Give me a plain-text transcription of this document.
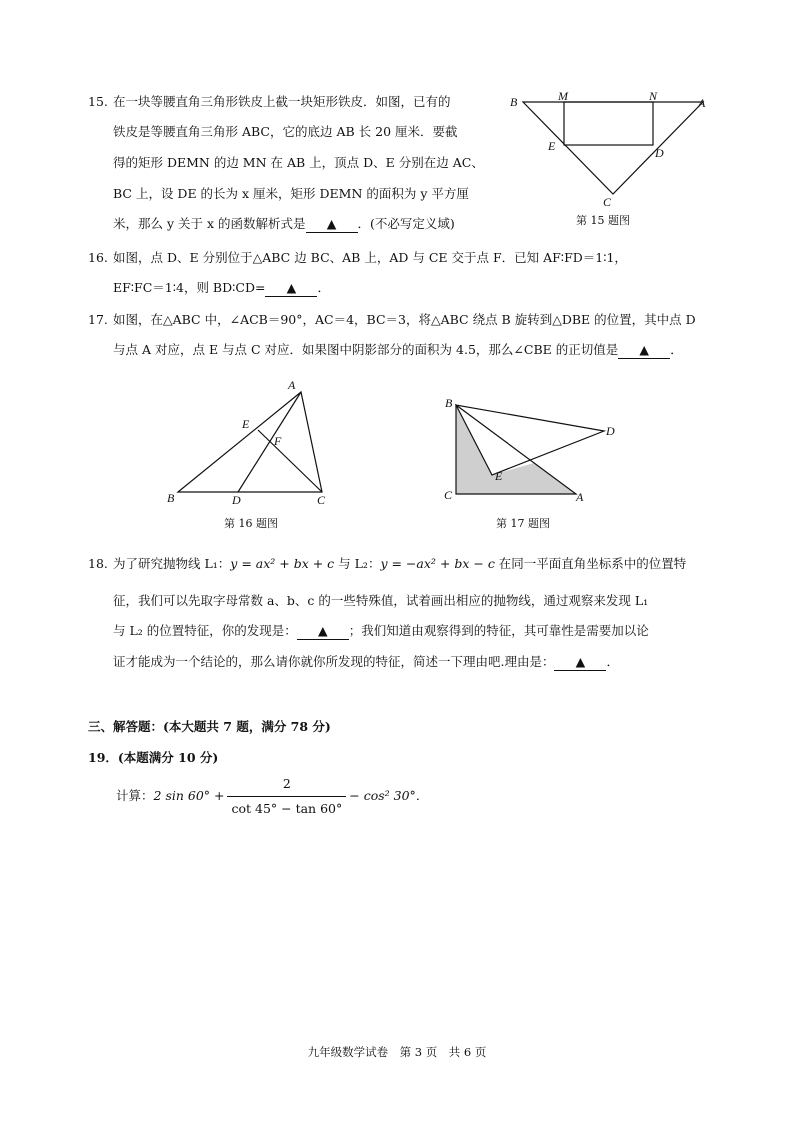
15. 在一块等腰直角三角形铁皮上截一块矩形铁皮．如图，已有的
铁皮是等腰直角三角形 ABC，它的底边 AB 长 20 厘米．要截
得的矩形 DEMN 的边 MN 在 AB 上，顶点 D、E 分别在边 AC、
BC 上，设 DE 的长为 x 厘米，矩形 DEMN 的面积为 y 平方厘
米，那么 y 关于 x 的函数解析式是 ▲ ．(不必写定义域)
B	M	N	A
E	D
C
第 15 题图
16. 如图，点 D、E 分别位于△ABC 边 BC、AB 上，AD 与 CE 交于点 F．已知 AF∶FD＝1∶1，
EF∶FC＝1∶4，则 BD∶CD= ▲ ．
17. 如图，在△ABC 中，∠ACB＝90°，AC＝4，BC＝3，将△ABC 绕点 B 旋转到△DBE 的位置，其中点 D
与点 A 对应，点 E 与点 C 对应．如果图中阴影部分的面积为 4.5，那么∠CBE 的正切值是 ▲ ．
A
E
F
B	D	C
第 16 题图
B
D
E
C	A
第 17 题图
18. 为了研究抛物线 L₁：y = ax² + bx + c 与 L₂：y = −ax² + bx − c 在同一平面直角坐标系中的位置特
征，我们可以先取字母常数 a、b、c 的一些特殊值，试着画出相应的抛物线，通过观察来发现 L₁
与 L₂ 的位置特征，你的发现是： ▲ ；我们知道由观察得到的特征，其可靠性是需要加以论
证才能成为一个结论的，那么请你就你所发现的特征，简述一下理由吧.理由是： ▲ ．
三、解答题：(本大题共 7 题，满分 78 分)
19．(本题满分 10 分)
计算：2 $\sin 60^\circ + \frac{2}{\cot 45^\circ - \tan 60^\circ} - \cos^2$ 30°．
九年级数学试卷　第 3 页　共 6 页
